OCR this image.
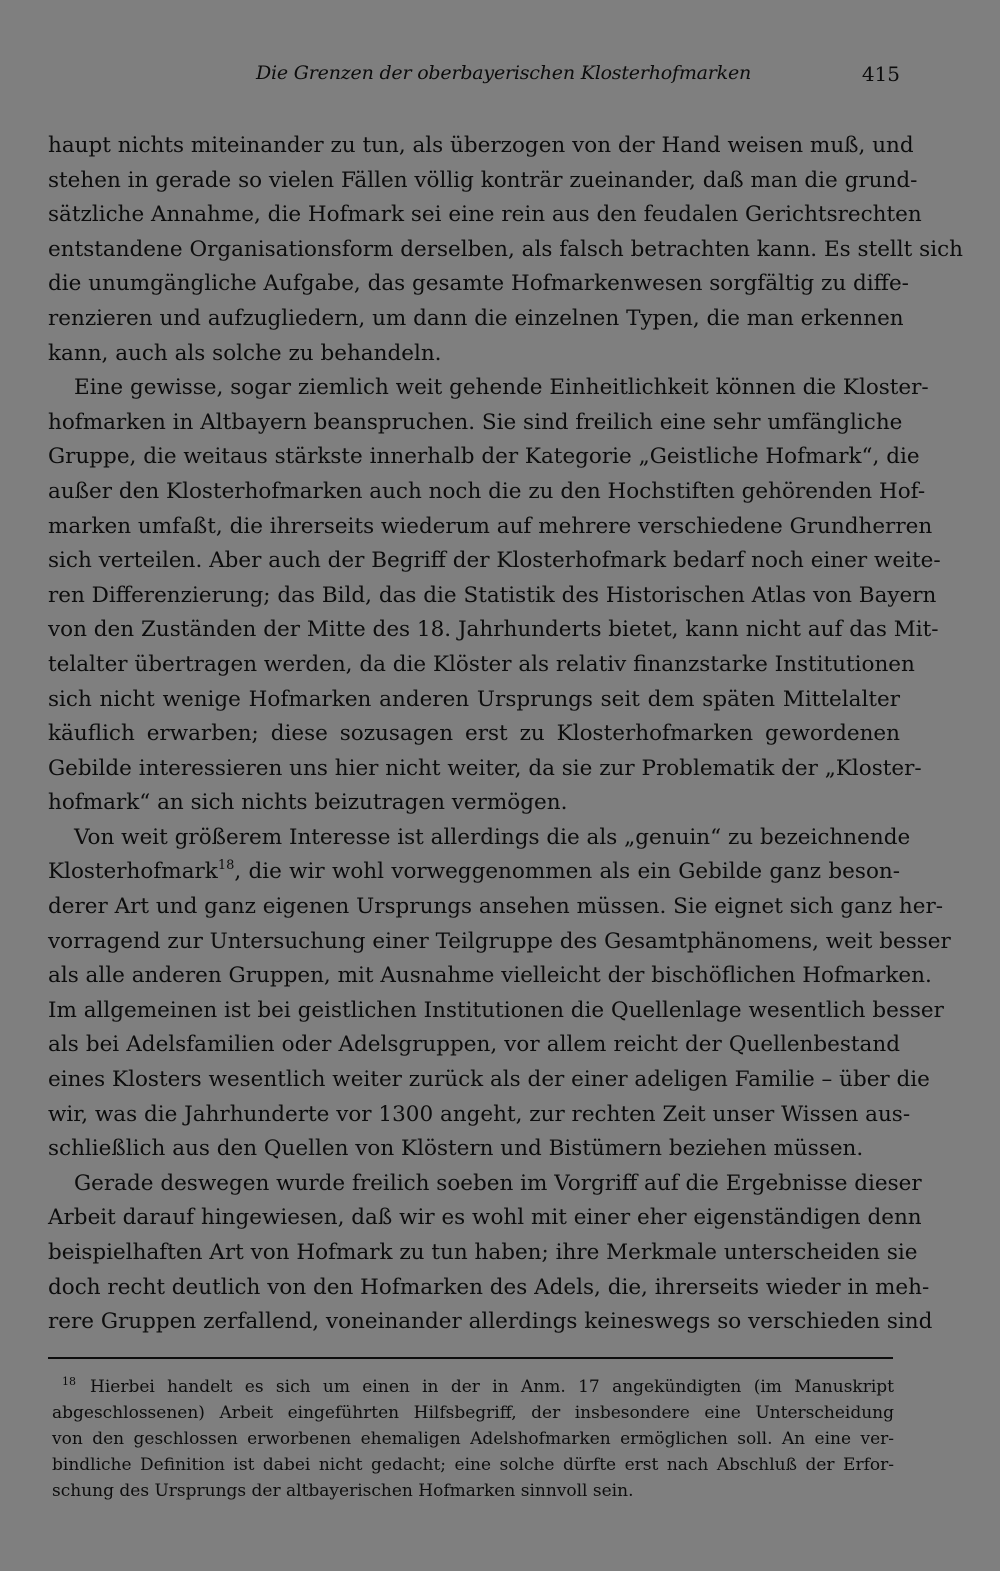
Die Grenzen der oberbayerischen Klosterhofmarken	415
haupt nichts miteinander zu tun, als überzogen von der Hand weisen muß, und
stehen in gerade so vielen Fällen völlig konträr zueinander, daß man die grund-
sätzliche Annahme, die Hofmark sei eine rein aus den feudalen Gerichtsrechten
entstandene Organisationsform derselben, als falsch betrachten kann. Es stellt sich
die unumgängliche Aufgabe, das gesamte Hofmarkenwesen sorgfältig zu diffe-
renzieren und aufzugliedern, um dann die einzelnen Typen, die man erkennen
kann, auch als solche zu behandeln.
Eine gewisse, sogar ziemlich weit gehende Einheitlichkeit können die Kloster-
hofmarken in Altbayern beanspruchen. Sie sind freilich eine sehr umfängliche
Gruppe, die weitaus stärkste innerhalb der Kategorie „Geistliche Hofmark“, die
außer den Klosterhofmarken auch noch die zu den Hochstiften gehörenden Hof-
marken umfaßt, die ihrerseits wiederum auf mehrere verschiedene Grundherren
sich verteilen. Aber auch der Begriff der Klosterhofmark bedarf noch einer weite-
ren Differenzierung; das Bild, das die Statistik des Historischen Atlas von Bayern
von den Zuständen der Mitte des 18. Jahrhunderts bietet, kann nicht auf das Mit-
telalter übertragen werden, da die Klöster als relativ finanzstarke Institutionen
sich nicht wenige Hofmarken anderen Ursprungs seit dem späten Mittelalter
käuflich erwarben; diese sozusagen erst zu Klosterhofmarken gewordenen
Gebilde interessieren uns hier nicht weiter, da sie zur Problematik der „Kloster-
hofmark“ an sich nichts beizutragen vermögen.
Von weit größerem Interesse ist allerdings die als „genuin“ zu bezeichnende
Klosterhofmark$^{18}$, die wir wohl vorweggenommen als ein Gebilde ganz beson-
derer Art und ganz eigenen Ursprungs ansehen müssen. Sie eignet sich ganz her-
vorragend zur Untersuchung einer Teilgruppe des Gesamtphänomens, weit besser
als alle anderen Gruppen, mit Ausnahme vielleicht der bischöflichen Hofmarken.
Im allgemeinen ist bei geistlichen Institutionen die Quellenlage wesentlich besser
als bei Adelsfamilien oder Adelsgruppen, vor allem reicht der Quellenbestand
eines Klosters wesentlich weiter zurück als der einer adeligen Familie – über die
wir, was die Jahrhunderte vor 1300 angeht, zur rechten Zeit unser Wissen aus-
schließlich aus den Quellen von Klöstern und Bistümern beziehen müssen.
Gerade deswegen wurde freilich soeben im Vorgriff auf die Ergebnisse dieser
Arbeit darauf hingewiesen, daß wir es wohl mit einer eher eigenständigen denn
beispielhaften Art von Hofmark zu tun haben; ihre Merkmale unterscheiden sie
doch recht deutlich von den Hofmarken des Adels, die, ihrerseits wieder in meh-
rere Gruppen zerfallend, voneinander allerdings keineswegs so verschieden sind
$^{18}$ Hierbei handelt es sich um einen in der in Anm. 17 angekündigten (im Manuskript
abgeschlossenen) Arbeit eingeführten Hilfsbegriff, der insbesondere eine Unterscheidung
von den geschlossen erworbenen ehemaligen Adelshofmarken ermöglichen soll. An eine ver-
bindliche Definition ist dabei nicht gedacht; eine solche dürfte erst nach Abschluß der Erfor-
schung des Ursprungs der altbayerischen Hofmarken sinnvoll sein.
